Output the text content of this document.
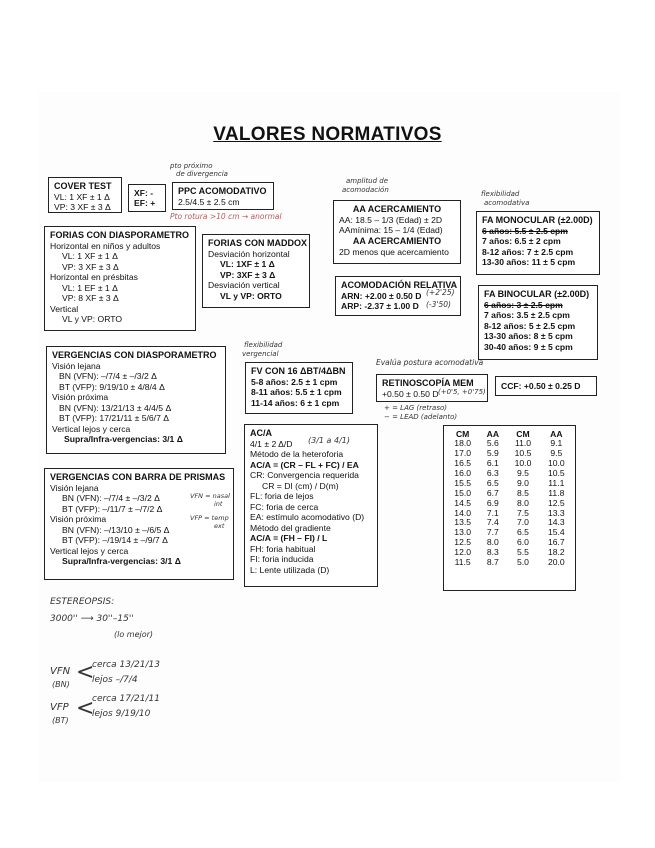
VALORES NORMATIVOS
COVER TEST
VL: 1 XF ± 1 Δ
VP: 3 XF ± 3 Δ
XF: -
EF: +
PPC ACOMODATIVO
2.5/4.5 ± 2.5 cm
FORIAS CON DIASPORAMETRO
Horizontal en niños y adultos
VL: 1 XF ± 1 Δ
VP: 3 XF ± 3 Δ
Horizontal en présbitas
VL: 1 EF ± 1 Δ
VP: 8 XF ± 3 Δ
Vertical
VL y VP: ORTO
FORIAS CON MADDOX
Desviación horizontal
VL: 1XF ± 1 Δ
VP: 3XF ± 3 Δ
Desviación vertical
VL y VP: ORTO
AA ACERCAMIENTO
AA: 18.5 – 1/3 (Edad) ± 2D
AAmínima: 15 – 1/4 (Edad)
AA ACERCAMIENTO
2D menos que acercamiento
ACOMODACIÓN RELATIVA
ARN: +2.00 ± 0.50 D
ARP: -2.37 ± 1.00 D
FA MONOCULAR (±2.00D)
6 años: 5.5 ± 2.5 cpm
7 años: 6.5 ± 2 cpm
8-12 años: 7 ± 2.5 cpm
13-30 años: 11 ± 5 cpm
FA BINOCULAR (±2.00D)
6 años: 3 ± 2.5 cpm
7 años: 3.5 ± 2.5 cpm
8-12 años: 5 ± 2.5 cpm
13-30 años: 8 ± 5 cpm
30-40 años: 9 ± 5 cpm
VERGENCIAS CON DIASPORAMETRO
Visión lejana
BN (VFN): –/7/4 ± –/3/2 Δ
BT (VFP): 9/19/10 ± 4/8/4 Δ
Visión próxima
BN (VFN): 13/21/13 ± 4/4/5 Δ
BT (VFP): 17/21/11 ± 5/6/7 Δ
Vertical lejos y cerca
Supra/Infra-vergencias: 3/1 Δ
FV CON 16 ΔBT/4ΔBN
5-8 años: 2.5 ± 1 cpm
8-11 años: 5.5 ± 1 cpm
11-14 años: 6 ± 1 cpm
RETINOSCOPÍA MEM
+0.50 ± 0.50 D
CCF: +0.50 ± 0.25 D
VERGENCIAS CON BARRA DE PRISMAS
Visión lejana
BN (VFN): –/7/4 ± –/3/2 Δ
BT (VFP): –/11/7 ± –/7/2 Δ
Visión próxima
BN (VFN): –/13/10 ± –/6/5 Δ
BT (VFP): –/19/14 ± –/9/7 Δ
Vertical lejos y cerca
Supra/Infra-vergencias: 3/1 Δ
AC/A
4/1 ± 2 Δ/D
Método de la heteroforia
AC/A = (CR – FL + FC) / EA
CR: Convergencia requerida
CR = DI (cm) / D(m)
FL: foria de lejos
FC: foria de cerca
EA: estímulo acomodativo (D)
Método del gradiente
AC/A = (FH – FI) / L
FH: foria habitual
FI: foria inducida
L: Lente utilizada (D)
CM	AA	CM	AA
18.0	5.6	11.0	9.1
17.0	5.9	10.5	9.5
16.5	6.1	10.0	10.0
16.0	6.3	9.5	10.5
15.5	6.5	9.0	11.1
15.0	6.7	8.5	11.8
14.5	6.9	8.0	12.5
14.0	7.1	7.5	13.3
13.5	7.4	7.0	14.3
13.0	7.7	6.5	15.4
12.5	8.0	6.0	16.7
12.0	8.3	5.5	18.2
11.5	8.7	5.0	20.0
pto próximo
de divergencia
Pto rotura >10 cm → anormal
amplitud de
acomodación	flexibilidad
acomodativa
flexibilidad
vergencial
Evalúa postura acomodativa
(+2'25)
(-3'50)
(3/1 a 4/1)
(+0'5, +0'75)
+ = LAG (retraso)
− = LEAD (adelanto)
VFN = nasal
int
VFP = temp
ext
ESTEREOPSIS:
3000'' ⟶ 30''–15''
(lo mejor)
VFN
(BN) <
cerca 13/21/13
lejos –/7/4
VFP
(BT) <
cerca 17/21/11
lejos 9/19/10
